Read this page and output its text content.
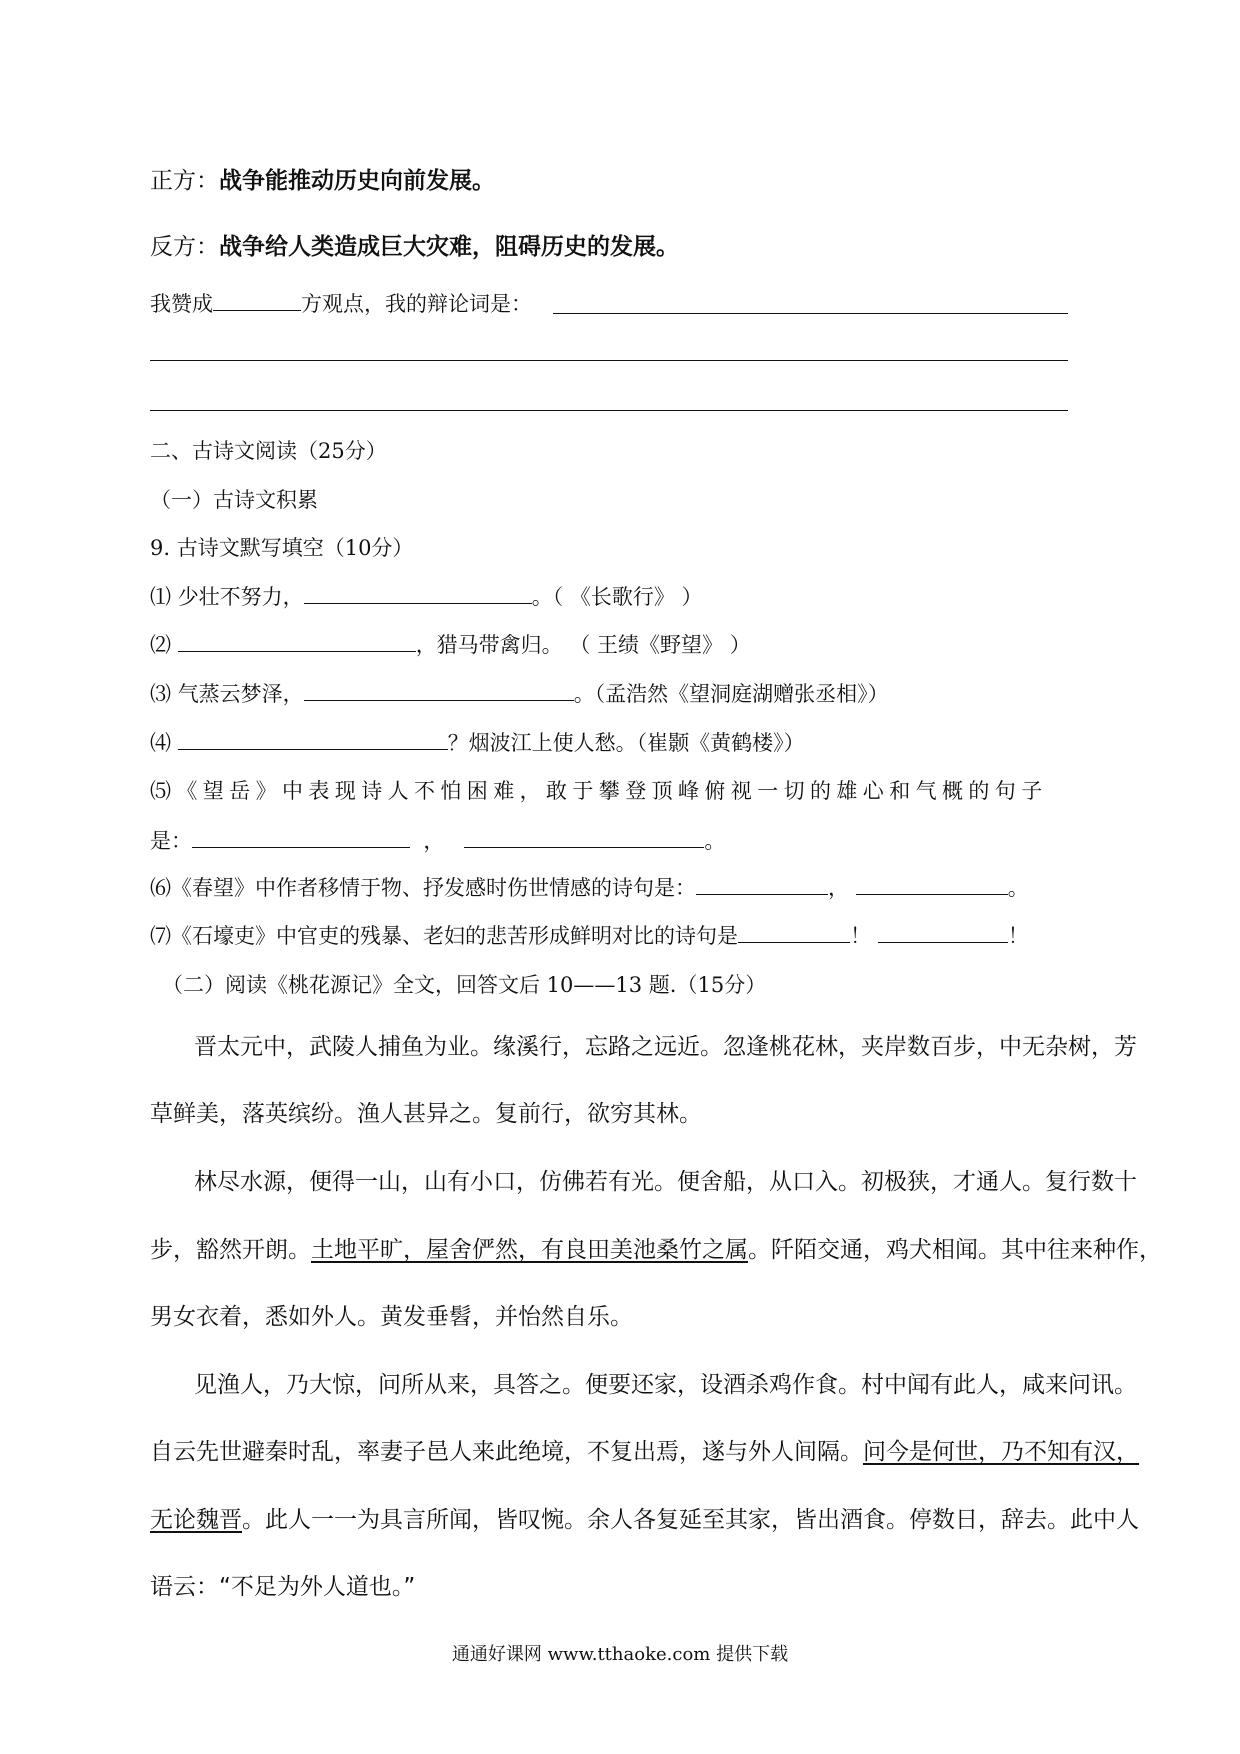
正方：战争能推动历史向前发展。
反方：战争给人类造成巨大灾难，阻碍历史的发展。
我赞成	方观点，我的辩论词是：
二、古诗文阅读（25分）
（一）古诗文积累
9. 古诗文默写填空（10分）
⑴ 少壮不努力，	。（ 《长歌行》 ）
⑵	，猎马带禽归。 （ 王绩《野望》 ）
⑶ 气蒸云梦泽，	。（孟浩然《望洞庭湖赠张丞相》）
⑷	？烟波江上使人愁。（崔颢《黄鹤楼》）
⑸《望岳》中表现诗人不怕困难，敢于攀登顶峰俯视一切的雄心和气概的句子
是：	，	。
⑹《春望》中作者移情于物、抒发感时伤世情感的诗句是：	，	。
⑺《石壕吏》中官吏的残暴、老妇的悲苦形成鲜明对比的诗句是	！	！
（二）阅读《桃花源记》全文，回答文后 10——13 题.（15分）
晋太元中，武陵人捕鱼为业。缘溪行，忘路之远近。忽逢桃花林，夹岸数百步，中无杂树，芳
草鲜美，落英缤纷。渔人甚异之。复前行，欲穷其林。
林尽水源，便得一山，山有小口，仿佛若有光。便舍船，从口入。初极狭，才通人。复行数十
步，豁然开朗。土地平旷，屋舍俨然，有良田美池桑竹之属。阡陌交通，鸡犬相闻。其中往来种作，
男女衣着，悉如外人。黄发垂髫，并怡然自乐。
见渔人，乃大惊，问所从来，具答之。便要还家，设酒杀鸡作食。村中闻有此人，咸来问讯。
自云先世避秦时乱，率妻子邑人来此绝境，不复出焉，遂与外人间隔。问今是何世，乃不知有汉，
无论魏晋。此人一一为具言所闻，皆叹惋。余人各复延至其家，皆出酒食。停数日，辞去。此中人
语云：“不足为外人道也。”
通通好课网 www.tthaoke.com 提供下载
